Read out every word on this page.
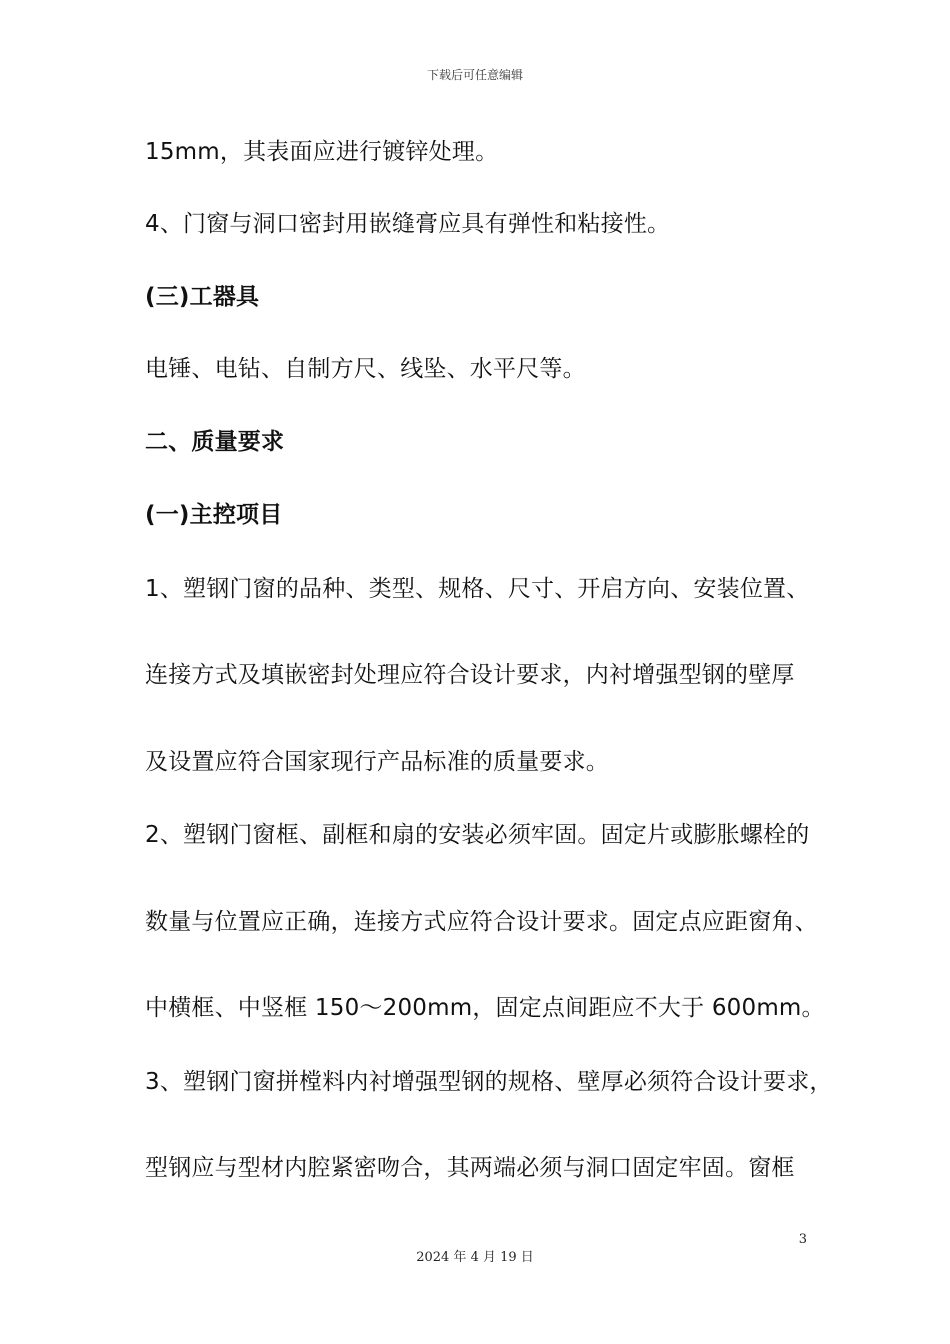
下载后可任意编辑
15mm，其表面应进行镀锌处理。
4、门窗与洞口密封用嵌缝膏应具有弹性和粘接性。
(三)工器具
电锤、电钻、自制方尺、线坠、水平尺等。
二、质量要求
(一)主控项目
1、塑钢门窗的品种、类型、规格、尺寸、开启方向、安装位置、
连接方式及填嵌密封处理应符合设计要求，内衬增强型钢的壁厚
及设置应符合国家现行产品标准的质量要求。
2、塑钢门窗框、副框和扇的安装必须牢固。固定片或膨胀螺栓的
数量与位置应正确，连接方式应符合设计要求。固定点应距窗角、
中横框、中竖框 150～200mm，固定点间距应不大于 600mm。
3、塑钢门窗拼樘料内衬增强型钢的规格、壁厚必须符合设计要求，
型钢应与型材内腔紧密吻合，其两端必须与洞口固定牢固。窗框
3
2024 年 4 月 19 日
